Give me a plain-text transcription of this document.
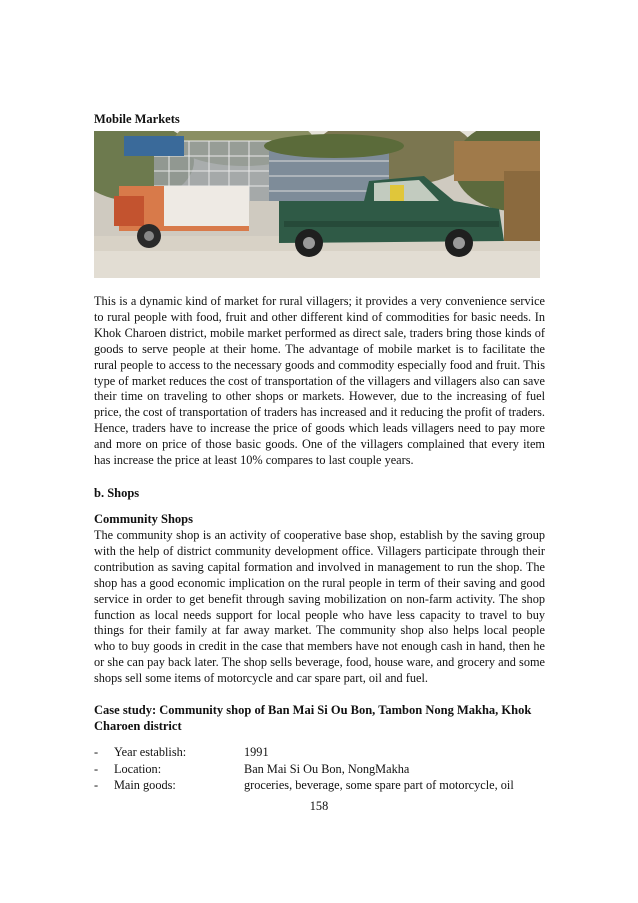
Mobile Markets

This is a dynamic kind of market for rural villagers; it provides a very convenience service to rural people with food, fruit and other different kind of commodities for basic needs. In Khok Charoen district, mobile market performed as direct sale, traders bring those kinds of goods to serve people at their home. The advantage of mobile market is to facilitate the rural people to access to the necessary goods and commodity especially food and fruit. This type of market reduces the cost of transportation of the villagers and villagers also can save their time on traveling to other shops or markets. However, due to the increasing of fuel price, the cost of transportation of traders has increased and it reducing the profit of traders. Hence, traders have to increase the price of goods which leads villagers need to pay more and more on price of those basic goods. One of the villagers complained that every item has increase the price at least 10% compares to last couple years.

b. Shops
Community Shops

The community shop is an activity of cooperative base shop, establish by the saving group with the help of district community development office. Villagers participate through their contribution as saving capital formation and involved in management to run the shop. The shop has a good economic implication on the rural people in term of their saving and good service in order to get benefit through saving mobilization on non-farm activity. The shop function as local needs support for local people who have less capacity to travel to buy things for their family at far away market. The community shop also helps local people who to buy goods in credit in the case that members have not enough cash in hand, then he or she can pay back later. The shop sells beverage, food, house ware, and grocery and some shops sell some items of motorcycle and car spare part, oil and fuel.

Case study: Community shop of Ban Mai Si Ou Bon, Tambon Nong Makha, Khok Charoen district
- Year establish:	1991
- Location:	Ban Mai Si Ou Bon, NongMakha
- Main goods:	groceries, beverage, some spare part of motorcycle, oil
158
